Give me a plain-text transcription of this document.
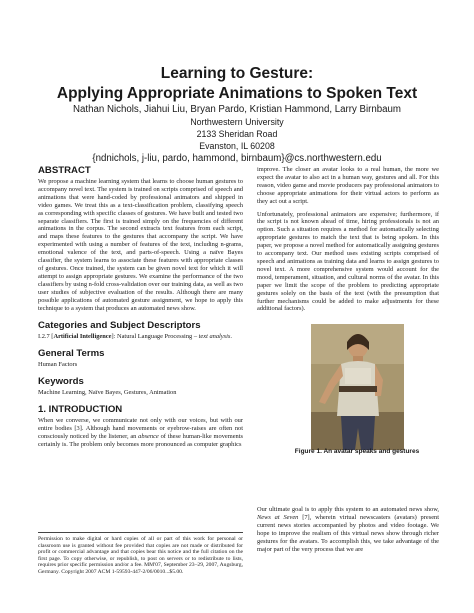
Learning to Gesture:
Applying Appropriate Animations to Spoken Text
Nathan Nichols, Jiahui Liu, Bryan Pardo, Kristian Hammond, Larry Birnbaum
Northwestern University
2133 Sheridan Road
Evanston, IL 60208
{ndnichols, j-liu, pardo, hammond, birnbaum}@cs.northwestern.edu
ABSTRACT

We propose a machine learning system that learns to choose human gestures to accompany novel text. The system is trained on scripts comprised of speech and animations that were hand-coded by professional animators and shipped in video games. We treat this as a text-classification problem, classifying speech as corresponding with specific classes of gestures. We have built and tested two separate classifiers. The first is trained simply on the frequencies of different animations in the corpus. The second extracts text features from each script, and maps these features to the gestures that accompany the script. We have experimented with using a number of features of the text, including n-grams, emotional valence of the text, and parts-of-speech. Using a naïve Bayes classifier, the system learns to associate these features with appropriate classes of gestures. Once trained, the system can be given novel text for which it will attempt to assign appropriate gestures. We examine the performance of the two classifiers by using n-fold cross-validation over our training data, as well as two user studies of subjective evaluation of the results. Although there are many possible applications of automated gesture assignment, we hope to apply this technique to a system that produces an automated news show.

Categories and Subject Descriptors

I.2.7 [Artificial Intelligence]: Natural Language Processing – text analysis.

General Terms

Human Factors

Keywords

Machine Learning, Naïve Bayes, Gestures, Animation

1. INTRODUCTION

When we converse, we communicate not only with our voices, but with our entire bodies [3]. Although hand movements or eyebrow-raises are often not consciously noticed by the listener, an absence of these human-like movements certainly is. The problem only becomes more pronounced as computer graphics

Permission to make digital or hard copies of all or part of this work for personal or classroom use is granted without fee provided that copies are not made or distributed for profit or commercial advantage and that copies bear this notice and the full citation on the first page. To copy otherwise, or republish, to post on servers or to redistribute to lists, requires prior specific permission and/or a fee. MM'07, September 23–29, 2007, Augsburg, Germany. Copyright 2007 ACM 1-59593-447-2/06/0010...$5.00.

improve. The closer an avatar looks to a real human, the more we expect the avatar to also act in a human way, gestures and all. For this reason, video game and movie producers pay professional animators to choose appropriate animations for their virtual actors to perform as they act out a script.

Unfortunately, professional animators are expensive; furthermore, if the script is not known ahead of time, hiring professionals is not an option. Such a situation requires a method for automatically selecting appropriate gestures to match the text that is being spoken. In this paper, we propose a novel method for automatically assigning gestures to accompany text. Our method uses existing scripts comprised of speech and animations as training data and learns to assign gestures to novel text. A more comprehensive system would account for the mood, temperament, situation, and cultural norms of the avatar. In this paper we limit the scope of the problem to predicting appropriate gestures solely on the basis of the text (with the presumption that further mechanisms could be added to make adjustments for these additional factors).

Figure 1. An avatar speaks and gestures

Our ultimate goal is to apply this system to an automated news show, News at Seven [7], wherein virtual newscasters (avatars) present current news stories accompanied by photos and video footage. We hope to improve the realism of this virtual news show through richer gestures for the avatars. To accomplish this, we take advantage of the major part of the very process that we are
